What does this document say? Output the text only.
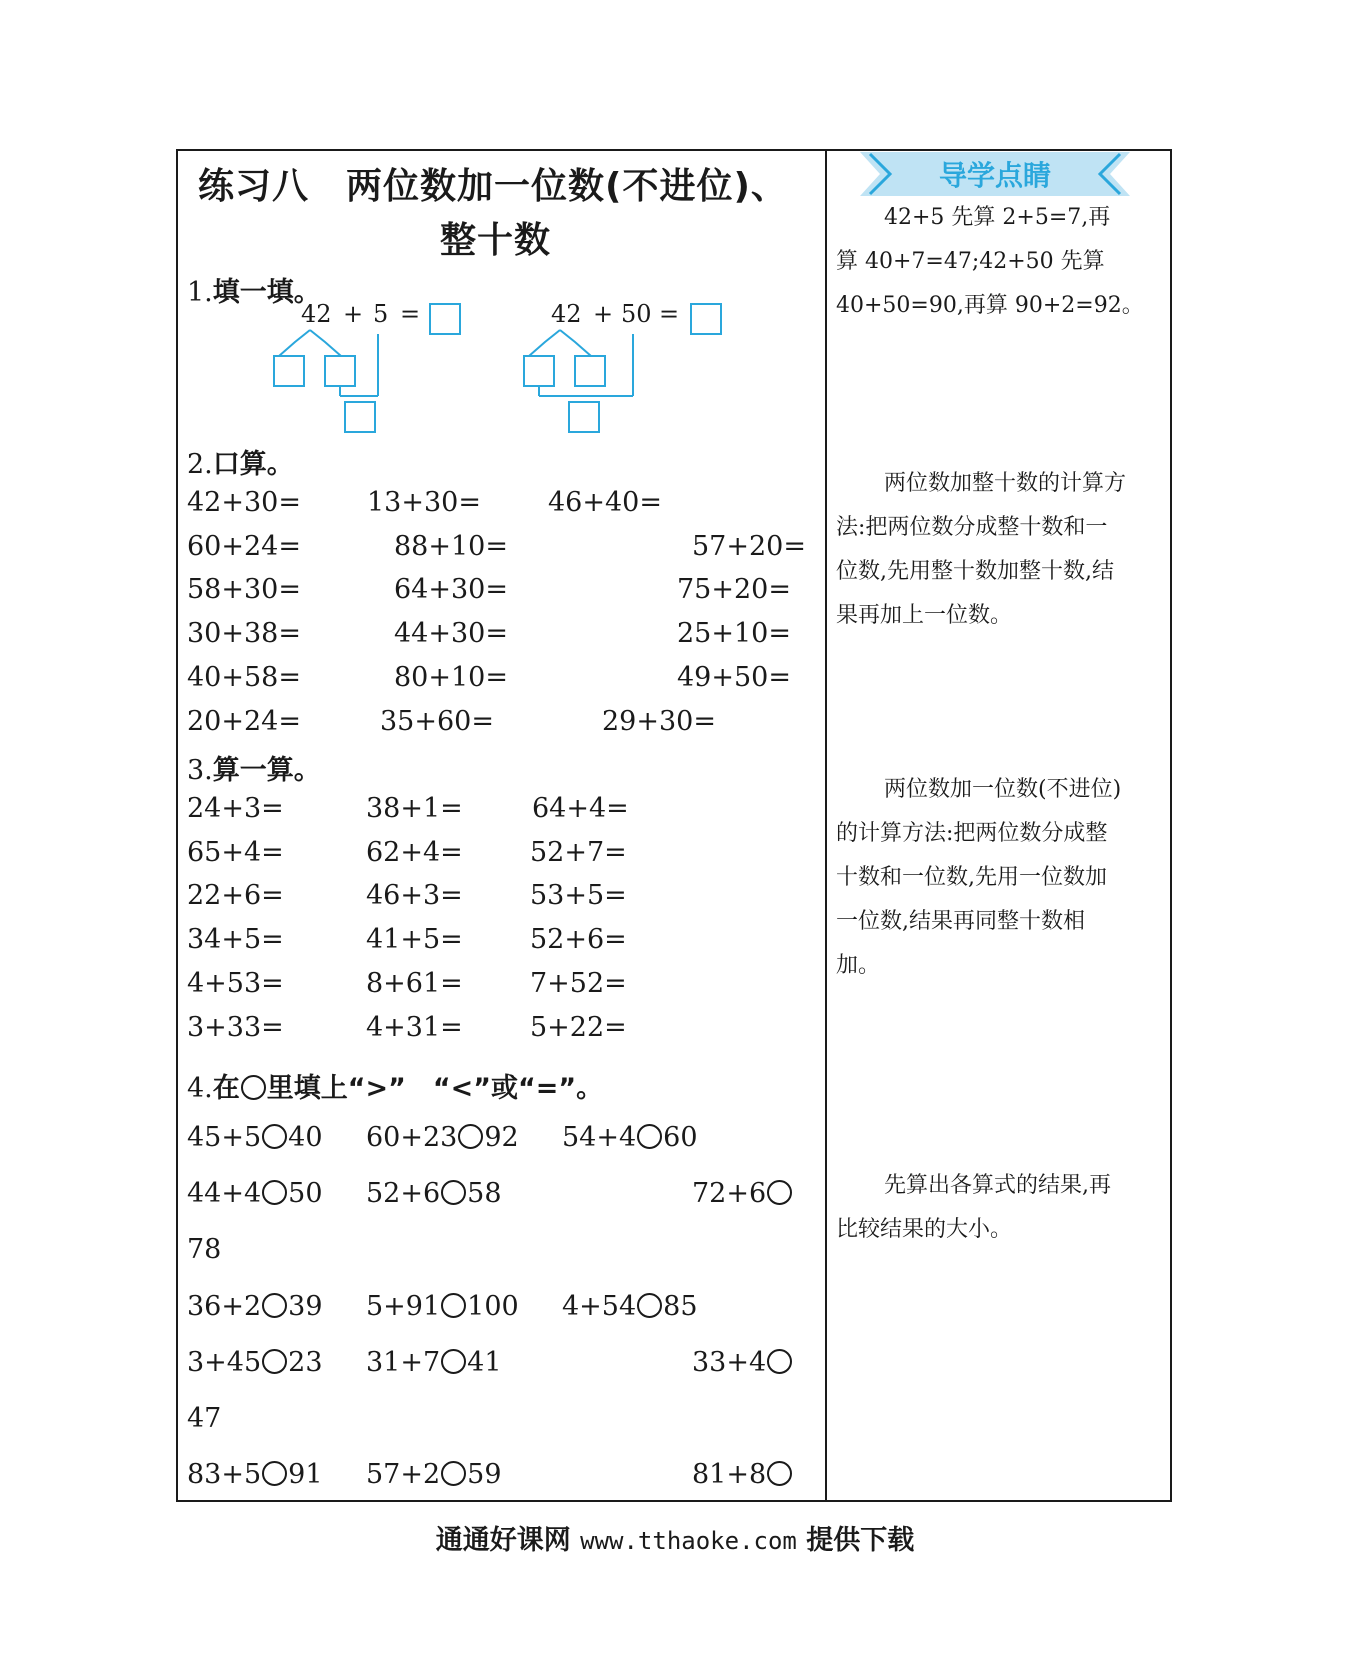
练习八　两位数加一位数(不进位)、
整十数
1.填一填。
42 + 5 =	42 + 50 =
2.口算。
42+30= 13+30= 46+40=
60+24=	88+10=	57+20=
58+30=	64+30=	75+20=
30+38=	44+30=	25+10=
40+58=	80+10=	49+50=
20+24=	35+60=	29+30=
3.算一算。
24+3=	38+1=	64+4=
65+4=	62+4= 52+7=
22+6=	46+3= 53+5=
34+5=	41+5= 52+6=
4+53=	8+61= 7+52=
3+33=	4+31= 5+22=
4.在 里填上“>”　“<”或“=”。
45+5 40 60+23 92 54+4 60
44+4 50 52+6 58	72+6
78
36+2 39 5+91 100 4+54 85
3+45 23 31+7 41	33+4
47
83+5 91 57+2 59	81+8
导学点睛
42+5 先算 2+5=7,再
算 40+7=47;42+50 先算
40+50=90,再算 90+2=92。
两位数加整十数的计算方
法:把两位数分成整十数和一
位数,先用整十数加整十数,结
果再加上一位数。
两位数加一位数(不进位)
的计算方法:把两位数分成整
十数和一位数,先用一位数加
一位数,结果再同整十数相
加。
先算出各算式的结果,再
比较结果的大小。
通通好课网 www.tthaoke.com 提供下载
